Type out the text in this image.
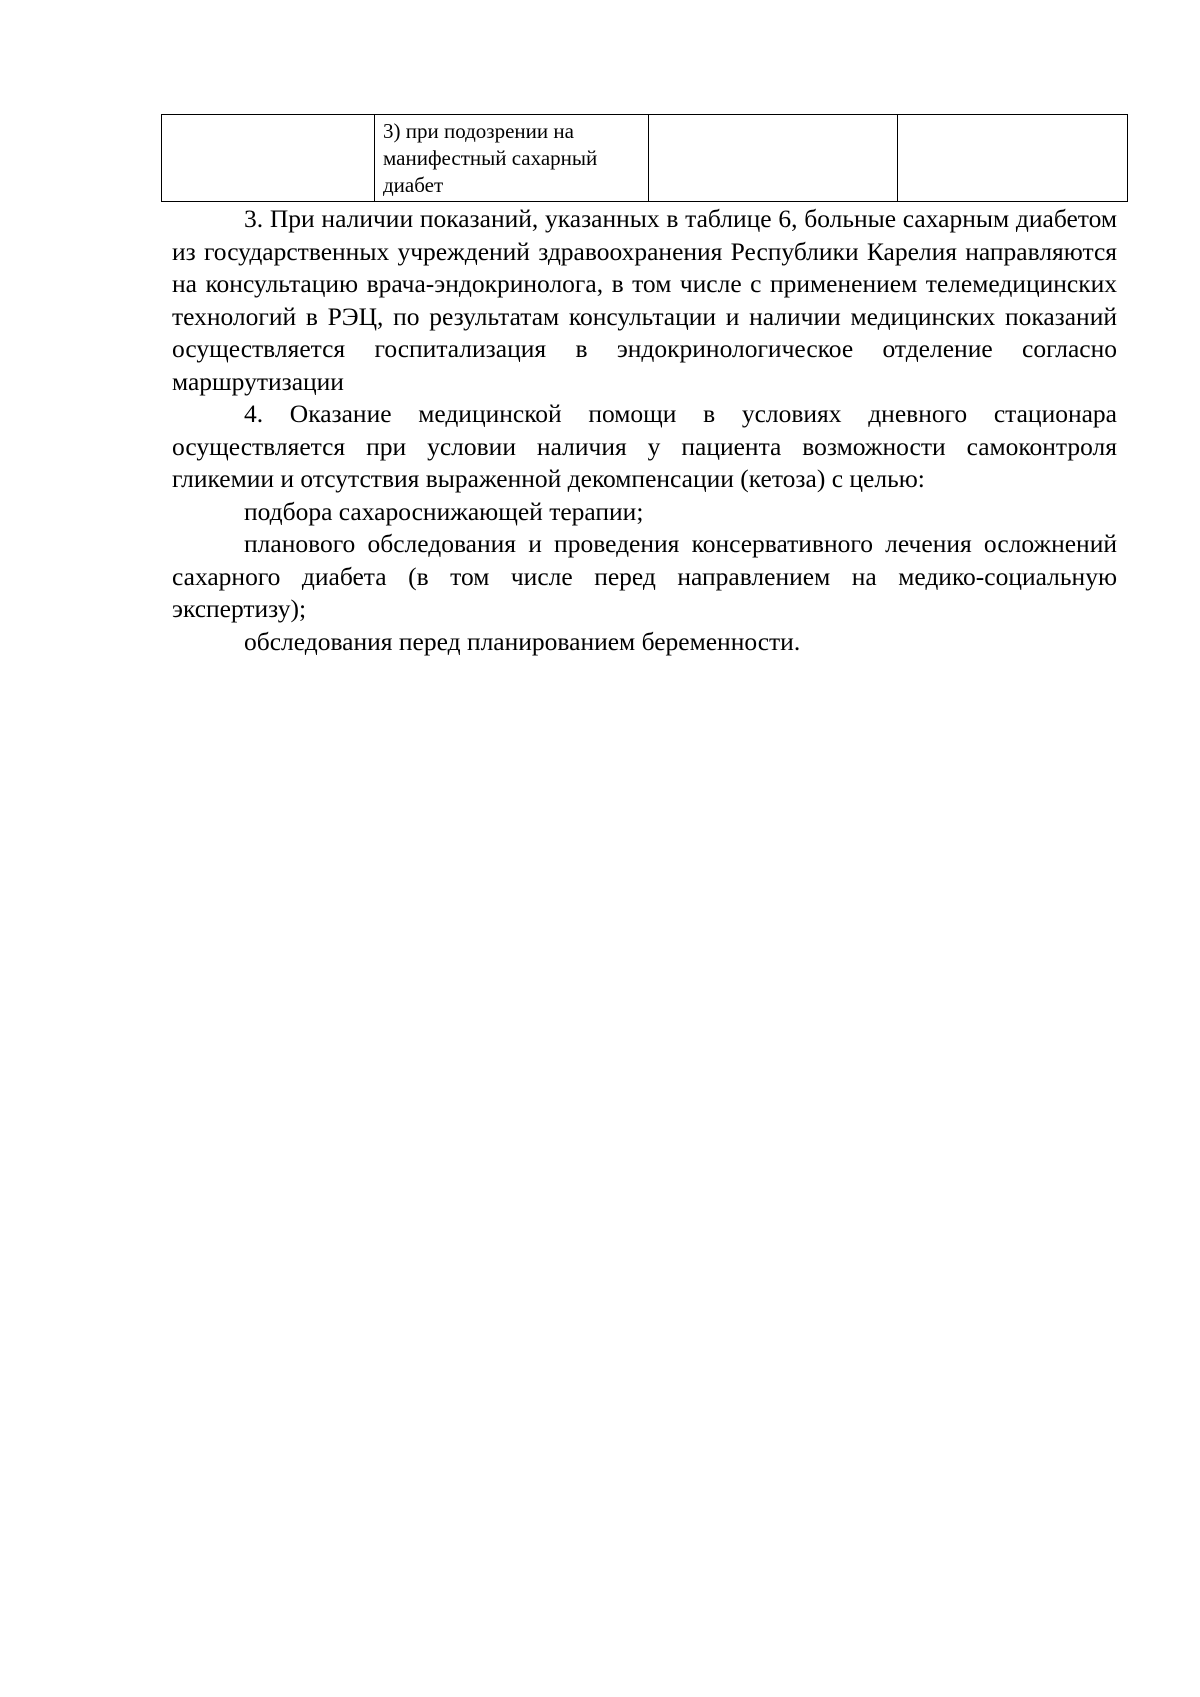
	3) при подозрении на манифестный сахарный диабет		

3. При наличии показаний, указанных в таблице 6, больные сахарным диабетом из государственных учреждений здравоохранения Республики Карелия направляются на консультацию врача-эндокринолога, в том числе с применением телемедицинских технологий в РЭЦ, по результатам консультации и наличии медицинских показаний осуществляется госпитализация в эндокринологическое отделение согласно маршрутизации

4. Оказание медицинской помощи в условиях дневного стационара осуществляется при условии наличия у пациента возможности самоконтроля гликемии и отсутствия выраженной декомпенсации (кетоза) с целью:

подбора сахароснижающей терапии;

планового обследования и проведения консервативного лечения осложнений сахарного диабета (в том числе перед направлением на медико-социальную экспертизу);

обследования перед планированием беременности.
